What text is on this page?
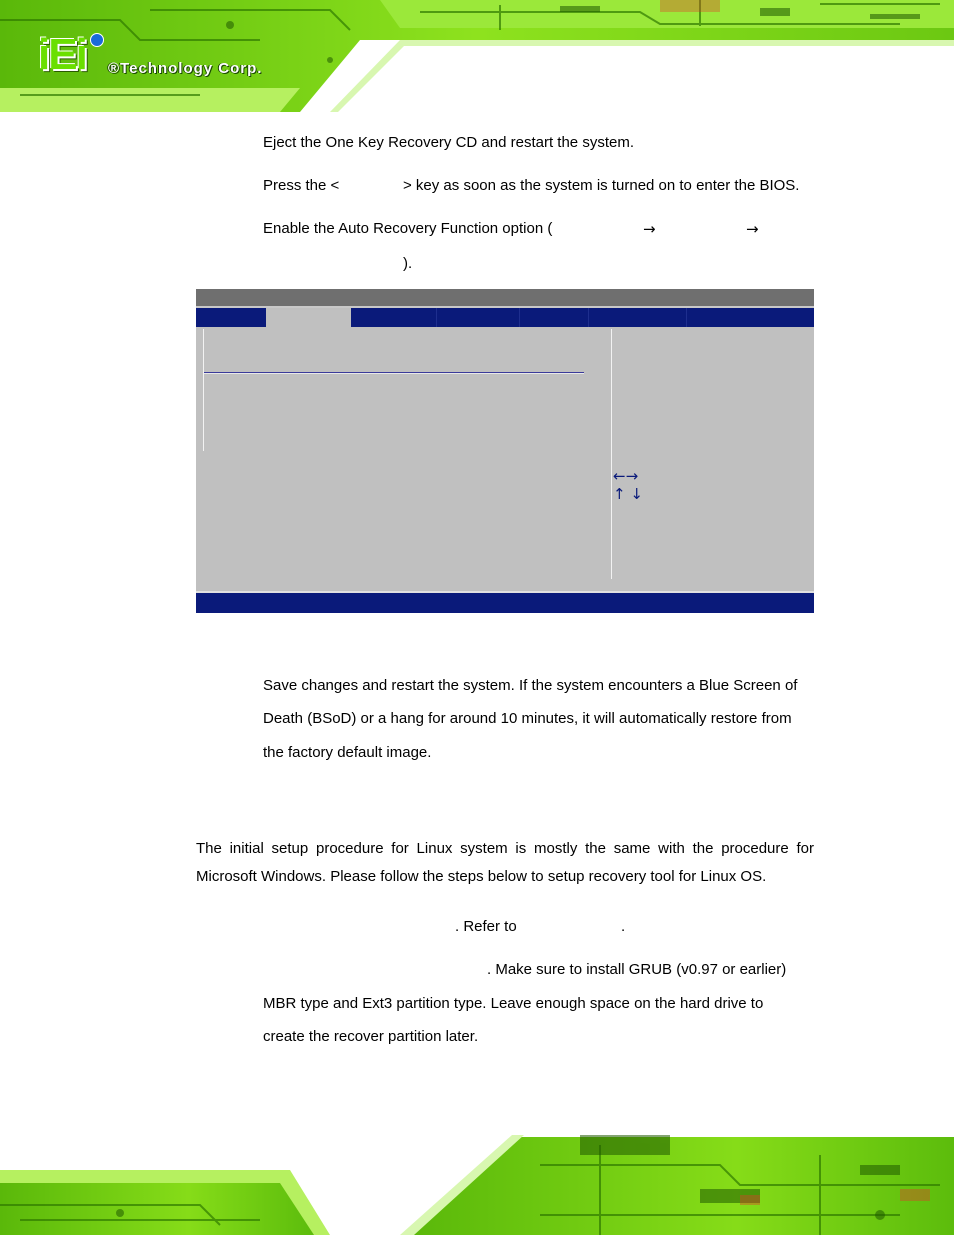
iEi ®Technology Corp.
Eject the One Key Recovery CD and restart the system.
Press the <	> key as soon as the system is turned on to enter the BIOS.
Enable the Auto Recovery Function option (	→	→
).
←→
↑ ↓
Save changes and restart the system. If the system encounters a Blue Screen of
Death (BSoD) or a hang for around 10 minutes, it will automatically restore from
the factory default image.
The initial setup procedure for Linux system is mostly the same with the procedure for
Microsoft Windows. Please follow the steps below to setup recovery tool for Linux OS.
. Refer to	.
. Make sure to install GRUB (v0.97 or earlier)
MBR type and Ext3 partition type. Leave enough space on the hard drive to
create the recover partition later.
